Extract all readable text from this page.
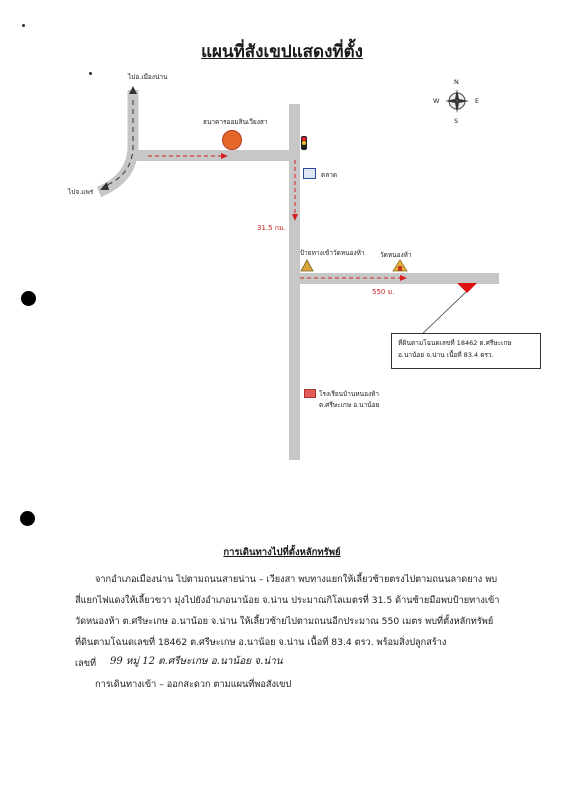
แผนที่สังเขปแสดงที่ตั้ง
ไปอ.เมืองน่าน
ไปจ.แพร่
ธนาคารออมสินเวียงสา
ตลาด
31.5 กม.
ป้ายทางเข้าวัดหนองห้า วัดหนองห้า
550 ม.
ที่ดินตามโฉนดเลขที่ 18462 ต.ศรีษะเกษ
อ.นาน้อย จ.น่าน เนื้อที่ 83.4 ตรว.
โรงเรียนบ้านหนองห้า
ต.ศรีษะเกษ อ.นาน้อย
N
S
W	E
การเดินทางไปที่ตั้งหลักทรัพย์
จากอำเภอเมืองน่าน ไปตามถนนสายน่าน – เวียงสา พบทางแยกให้เลี้ยวซ้ายตรงไปตามถนนลาดยาง พบ
สี่แยกไฟแดงให้เลี้ยวขวา มุ่งไปยังอำเภอนาน้อย จ.น่าน ประมาณกิโลเมตรที่ 31.5 ด้านซ้ายมือพบป้ายทางเข้า
วัดหนองห้า ต.ศรีษะเกษ อ.นาน้อย จ.น่าน ให้เลี้ยวซ้ายไปตามถนนอีกประมาณ 550 เมตร พบที่ตั้งหลักทรัพย์
ที่ดินตามโฉนดเลขที่ 18462 ต.ศรีษะเกษ อ.นาน้อย จ.น่าน เนื้อที่ 83.4 ตรว. พร้อมสิ่งปลูกสร้าง
เลขที่ 99 หมู่ 12 ต.ศรีษะเกษ อ.นาน้อย จ.น่าน
การเดินทางเข้า – ออกสะดวก ตามแผนที่พอสังเขป
